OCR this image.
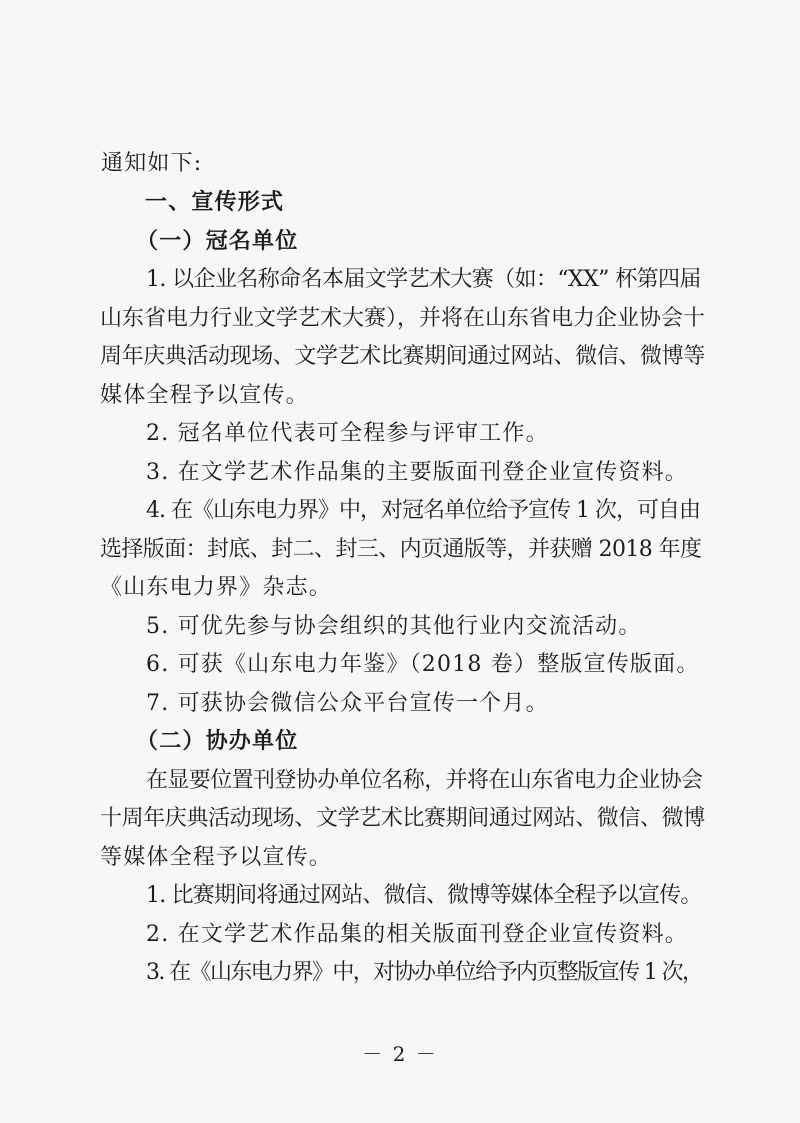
通知如下:
一、宣传形式
（一）冠名单位
1. 以企业名称命名本届文学艺术大赛（如：“XX” 杯第四届
山东省电力行业文学艺术大赛），并将在山东省电力企业协会十
周年庆典活动现场、文学艺术比赛期间通过网站、微信、微博等
媒体全程予以宣传。
2. 冠名单位代表可全程参与评审工作。
3. 在文学艺术作品集的主要版面刊登企业宣传资料。
4. 在《山东电力界》中，对冠名单位给予宣传 1 次，可自由
选择版面：封底、封二、封三、内页通版等，并获赠 2018 年度
《山东电力界》杂志。
5. 可优先参与协会组织的其他行业内交流活动。
6. 可获《山东电力年鉴》（2018 卷）整版宣传版面。
7. 可获协会微信公众平台宣传一个月。
（二）协办单位
在显要位置刊登协办单位名称，并将在山东省电力企业协会
十周年庆典活动现场、文学艺术比赛期间通过网站、微信、微博
等媒体全程予以宣传。
1. 比赛期间将通过网站、微信、微博等媒体全程予以宣传。
2. 在文学艺术作品集的相关版面刊登企业宣传资料。
3. 在《山东电力界》中，对协办单位给予内页整版宣传 1 次，
－ 2 －
